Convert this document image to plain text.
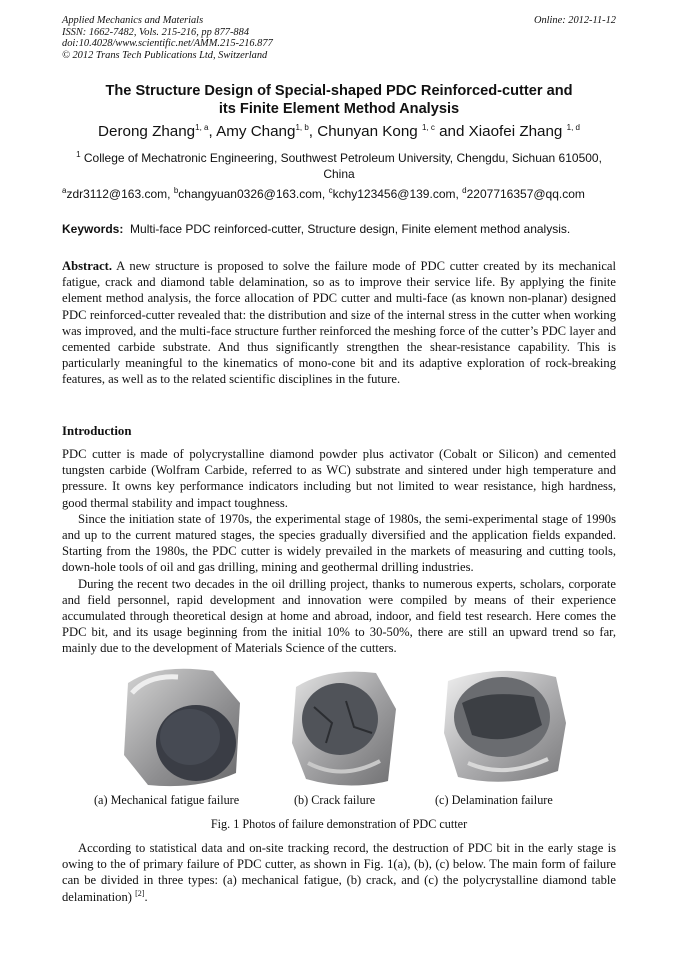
Applied Mechanics and Materials
ISSN: 1662-7482, Vols. 215-216, pp 877-884
doi:10.4028/www.scientific.net/AMM.215-216.877
© 2012 Trans Tech Publications Ltd, Switzerland
Online: 2012-11-12
The Structure Design of Special-shaped PDC Reinforced-cutter and
its Finite Element Method Analysis
Derong Zhang$^{1, a}$, Amy Chang$^{1, b}$, Chunyan Kong $^{1, c}$ and Xiaofei Zhang $^{1, d}$
$^1$ College of Mechatronic Engineering, Southwest Petroleum University, Chengdu, Sichuan 610500,
China
$^a$zdr3112@163.com, $^b$changyuan0326@163.com, $^c$kchy123456@139.com, $^d$2207716357@qq.com
Keywords: Multi-face PDC reinforced-cutter, Structure design, Finite element method analysis.

Abstract. A new structure is proposed to solve the failure mode of PDC cutter created by its mechanical fatigue, crack and diamond table delamination, so as to improve their service life. By applying the finite element method analysis, the force allocation of PDC cutter and multi-face (as known non-planar) designed PDC reinforced-cutter revealed that: the distribution and size of the internal stress in the cutter when working was improved, and the multi-face structure further reinforced the meshing force of the cutter’s PDC layer and cemented carbide substrate. And thus significantly strengthen the shear-resistance capability. This is particularly meaningful to the kinematics of mono-cone bit and its adaptive exploration of rock-breaking features, as well as to the related scientific disciplines in the future.

Introduction

PDC cutter is made of polycrystalline diamond powder plus activator (Cobalt or Silicon) and cemented tungsten carbide (Wolfram Carbide, referred to as WC) substrate and sintered under high temperature and pressure. It owns key performance indicators including but not limited to wear resistance, high hardness, good thermal stability and impact toughness.

Since the initiation state of 1970s, the experimental stage of 1980s, the semi-experimental stage of 1990s and up to the current matured stages, the species gradually diversified and the application fields expanded. Starting from the 1980s, the PDC cutter is widely prevailed in the markets of measuring and cutting tools, down-hole tools of oil and gas drilling, mining and geothermal drilling industries.

During the recent two decades in the oil drilling project, thanks to numerous experts, scholars, corporate and field personnel, rapid development and innovation were compiled by means of their experience accumulated through theoretical design at home and abroad, indoor, and field test research. Here comes the PDC bit, and its usage beginning from the initial 10% to 30-50%, there are still an upward trend so far, mainly due to the development of Materials Science of the cutters.

(a) Mechanical fatigue failure	(b) Crack failure	(c) Delamination failure
Fig. 1 Photos of failure demonstration of PDC cutter

According to statistical data and on-site tracking record, the destruction of PDC bit in the early stage is owing to the of primary failure of PDC cutter, as shown in Fig. 1(a), (b), (c) below. The main form of failure can be divided in three types: (a) mechanical fatigue, (b) crack, and (c) the polycrystalline diamond table delamination) [2].
